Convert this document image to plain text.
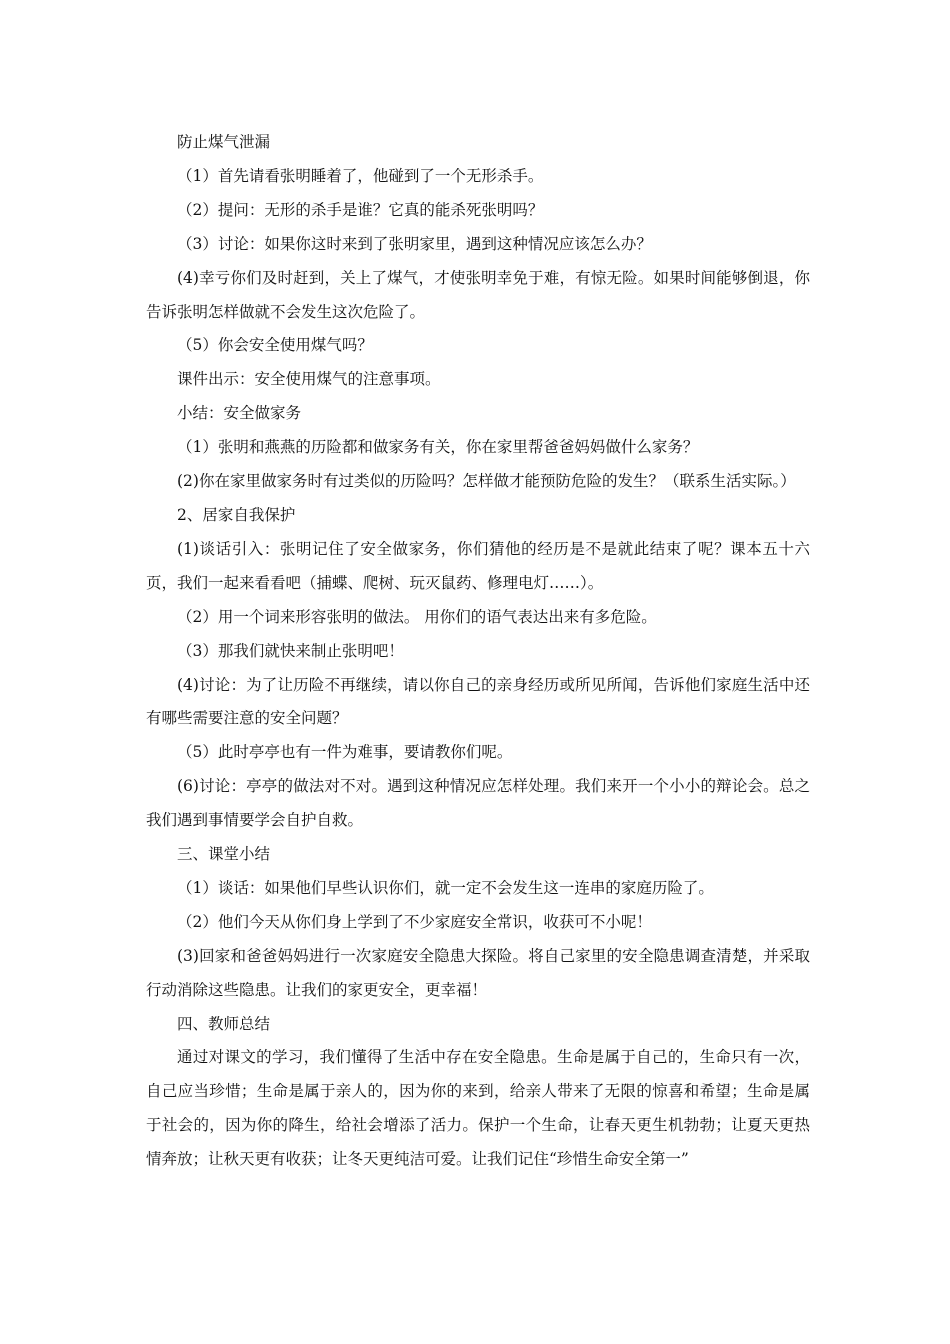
防止煤气泄漏

（1）首先请看张明睡着了，他碰到了一个无形杀手。

（2）提问：无形的杀手是谁？它真的能杀死张明吗？

（3）讨论：如果你这时来到了张明家里，遇到这种情况应该怎么办？

(4)幸亏你们及时赶到，关上了煤气，才使张明幸免于难，有惊无险。如果时间能够倒退，你告诉张明怎样做就不会发生这次危险了。

（5）你会安全使用煤气吗？

课件出示：安全使用煤气的注意事项。

小结：安全做家务

（1）张明和燕燕的历险都和做家务有关，你在家里帮爸爸妈妈做什么家务？

(2)你在家里做家务时有过类似的历险吗？怎样做才能预防危险的发生？（联系生活实际。）

2、居家自我保护

(1)谈话引入：张明记住了安全做家务，你们猜他的经历是不是就此结束了呢？课本五十六页，我们一起来看看吧（捕蝶、爬树、玩灭鼠药、修理电灯……）。

（2）用一个词来形容张明的做法。 用你们的语气表达出来有多危险。

（3）那我们就快来制止张明吧！

(4)讨论：为了让历险不再继续，请以你自己的亲身经历或所见所闻，告诉他们家庭生活中还有哪些需要注意的安全问题？

（5）此时亭亭也有一件为难事，要请教你们呢。

(6)讨论：亭亭的做法对不对。遇到这种情况应怎样处理。我们来开一个小小的辩论会。总之我们遇到事情要学会自护自救。

三、课堂小结

（1）谈话：如果他们早些认识你们，就一定不会发生这一连串的家庭历险了。

（2）他们今天从你们身上学到了不少家庭安全常识，收获可不小呢！

(3)回家和爸爸妈妈进行一次家庭安全隐患大探险。将自己家里的安全隐患调查清楚，并采取行动消除这些隐患。让我们的家更安全，更幸福！

四、教师总结

通过对课文的学习，我们懂得了生活中存在安全隐患。生命是属于自己的，生命只有一次，自己应当珍惜；生命是属于亲人的，因为你的来到，给亲人带来了无限的惊喜和希望；生命是属于社会的，因为你的降生，给社会增添了活力。保护一个生命，让春天更生机勃勃；让夏天更热情奔放；让秋天更有收获；让冬天更纯洁可爱。让我们记住“珍惜生命安全第一”
